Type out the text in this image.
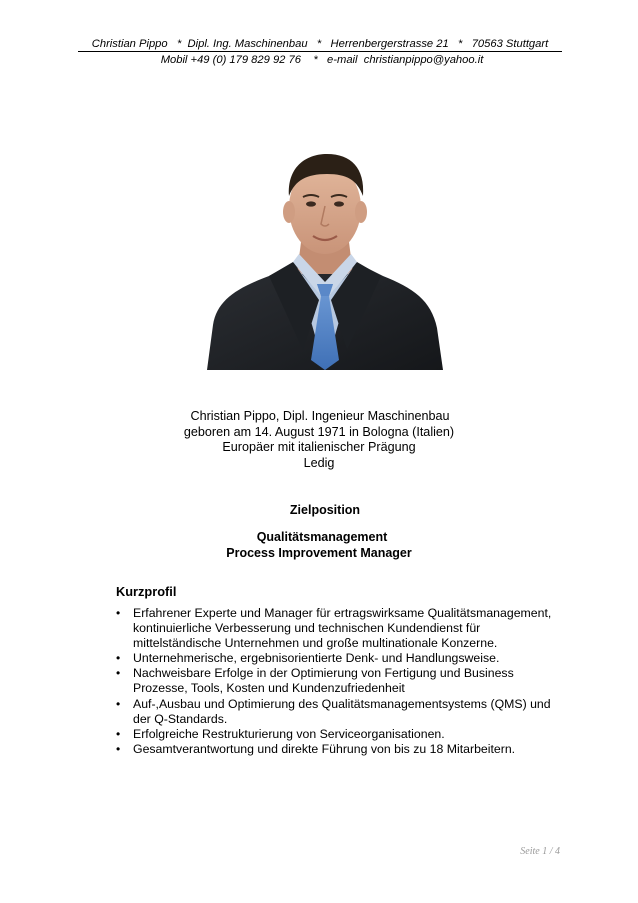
Christian Pippo   *  Dipl. Ing. Maschinenbau   *   Herrenbergerstrasse 21   *   70563 Stuttgart
Mobil +49 (0) 179 829 92 76    *   e-mail  christianpippo@yahoo.it
Christian Pippo, Dipl. Ingenieur Maschinenbau
geboren am 14. August 1971 in Bologna (Italien)
Europäer mit italienischer Prägung
Ledig
Zielposition
Qualitätsmanagement
Process Improvement Manager
Kurzprofil
• Erfahrener Experte und Manager für ertragswirksame Qualitätsmanagement, kontinuierliche Verbesserung und technischen Kundendienst für mittelständische Unternehmen und große multinationale Konzerne.
• Unternehmerische, ergebnisorientierte Denk- und Handlungsweise.
• Nachweisbare Erfolge in der Optimierung von Fertigung und Business Prozesse, Tools, Kosten und Kundenzufriedenheit
• Auf-,Ausbau und Optimierung des Qualitätsmanagementsystems (QMS) und der Q-Standards.
• Erfolgreiche Restrukturierung von Serviceorganisationen.
• Gesamtverantwortung und direkte Führung von bis zu 18 Mitarbeitern.
Seite 1 / 4
